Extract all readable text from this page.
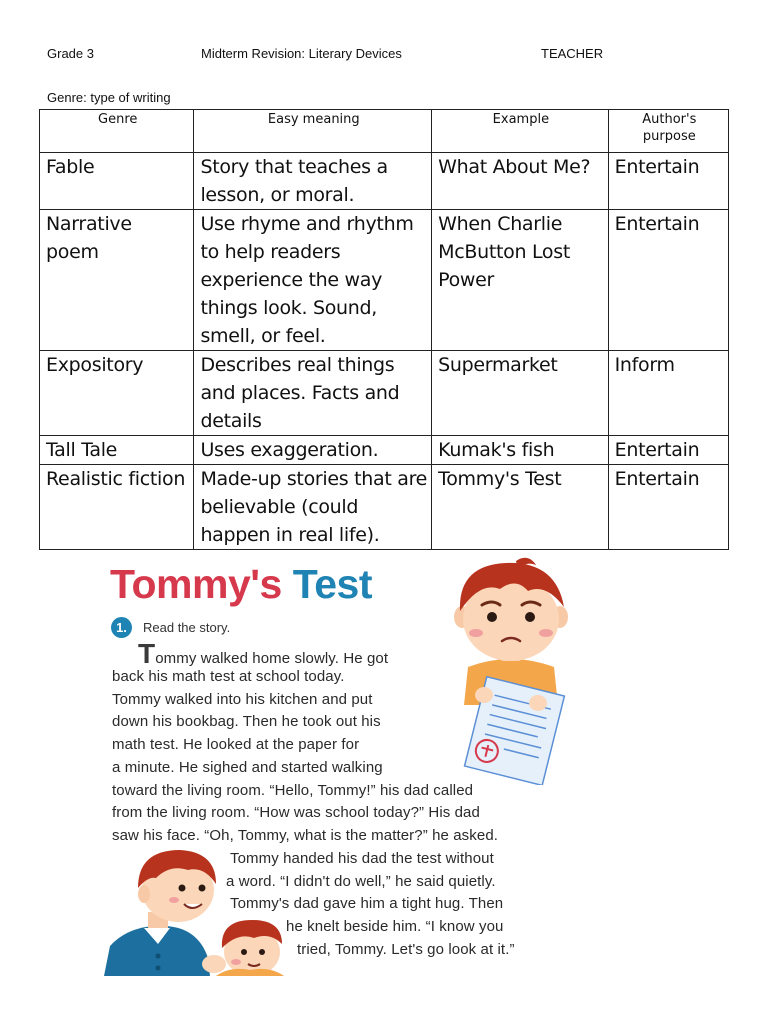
Grade 3	Midterm Revision: Literary Devices	TEACHER
Genre: type of writing
Genre	Easy meaning	Example	Author's purpose
Fable	Story that teaches a lesson, or moral.	What About Me?	Entertain
Narrative poem	Use rhyme and rhythm to help readers experience the way things look. Sound, smell, or feel.	When Charlie McButton Lost Power	Entertain
Expository	Describes real things and places. Facts and details	Supermarket	Inform
Tall Tale	Uses exaggeration.	Kumak's fish	Entertain
Realistic fiction	Made-up stories that are believable (could happen in real life).	Tommy's Test	Entertain
Tommy's Test
1.	Read the story.
Tommy walked home slowly. He got
back his math test at school today.
Tommy walked into his kitchen and put
down his bookbag. Then he took out his
math test. He looked at the paper for
a minute. He sighed and started walking
toward the living room. “Hello, Tommy!” his dad called
from the living room. “How was school today?” His dad
saw his face. “Oh, Tommy, what is the matter?” he asked.
Tommy handed his dad the test without
a word. “I didn't do well,” he said quietly.
Tommy's dad gave him a tight hug. Then
he knelt beside him. “I know you
tried, Tommy. Let's go look at it.”
